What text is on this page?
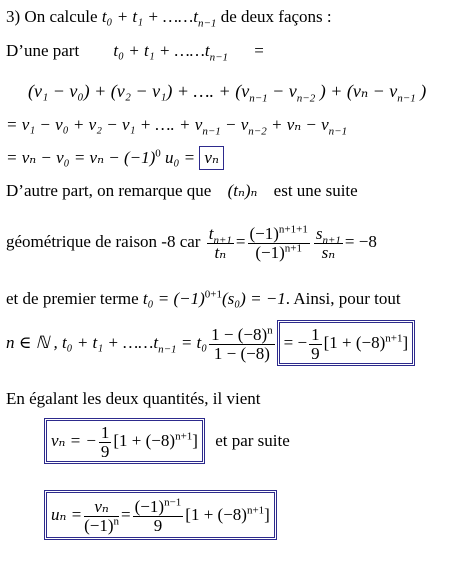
3) On calcule $t_0 + t_1 + \dots\dots t_{n-1}$ de deux façons :
D’une part $t_0 + t_1 + \dots\dots t_{n-1}$ =
(v₁ − v₀) + (v₂ − v₁) + …. + ($v_{n-1} - v_{n-2}$ ) + ($v_n - v_{n-1}$ )
= v₁ − v₀ + v₂ − v₁ + …. + $v_{n-1} - v_{n-2} + v_n - v_{n-1}$
= $v_n - v_0 = v_n - (-1)^0$ u₀ = vₙ
D’autre part, on remarque que (tₙ)ₙ est une suite
géométrique de raison -8 car $\frac{t_{n+1}}{\text{tₙ}} = \frac{(-1)^{n+1+1}}{(-1)^{n+1}} \frac{s_{n+1}}{\text{sₙ}} = -8$
et de premier terme $t_0 = (-1)^{0+1}(s_0) = -1$. Ainsi, pour tout
n ∈ ℕ , $t_0 + t_1 + \dots\dots t_{n-1} = t_0 \frac{1 - (-8)^n}{1 - (-8)}$ = − $\frac{1}{9} [1 + (-8)^{n+1}]$
En égalant les deux quantités, il vient
vₙ = − $\frac{1}{9} [1 + (-8)^{n+1}]$ et par suite
$u_n = \frac{\text{vₙ}}{(-1)^n} = \frac{(-1)^{n-1}}{9} [1 + (-8)^{n+1}]$
